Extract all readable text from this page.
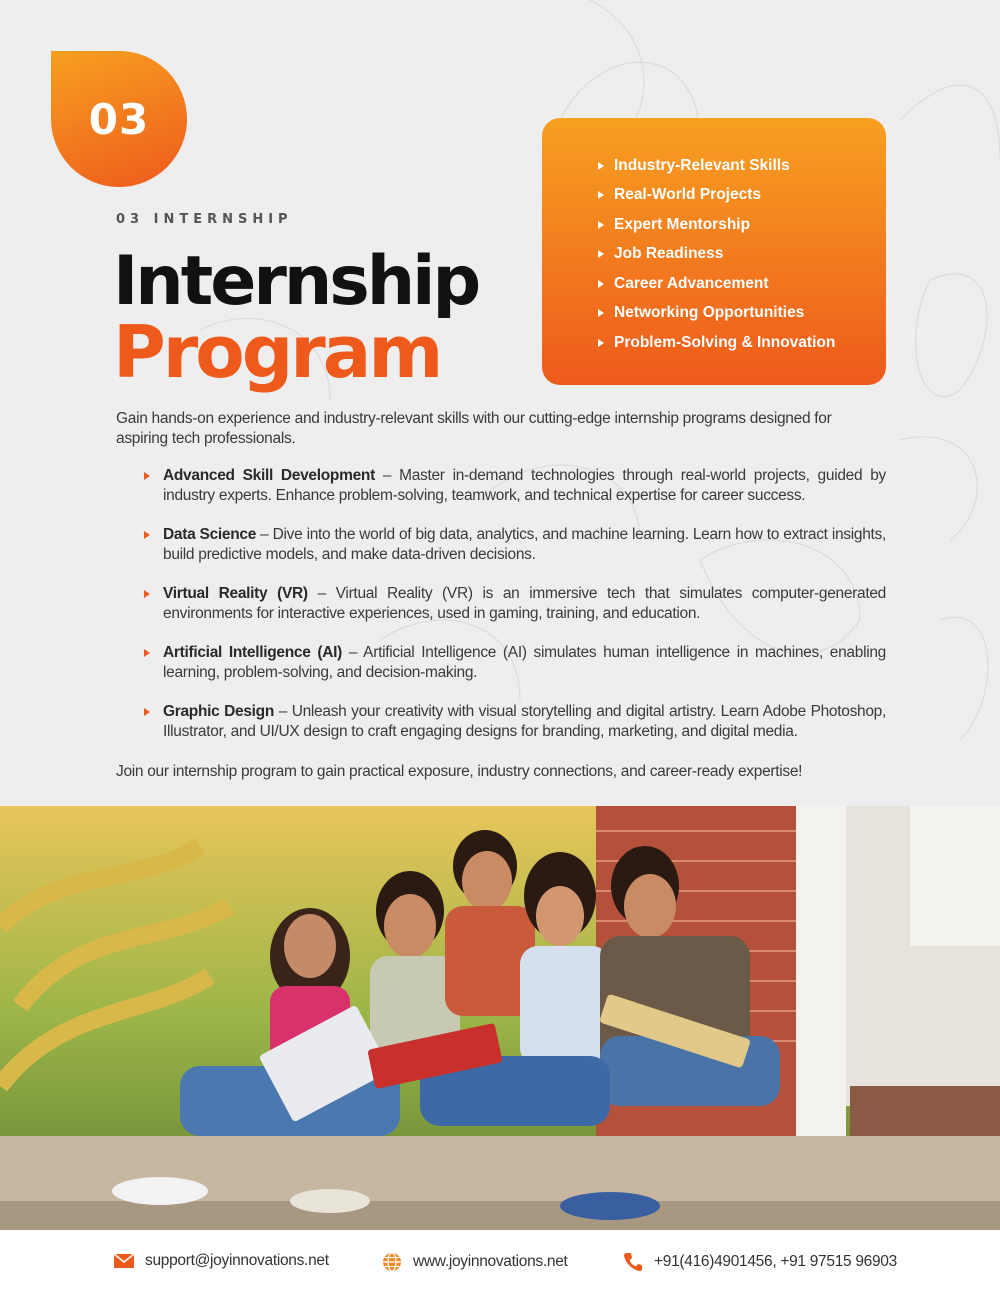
03
03 INTERNSHIP
Internship
Program
Industry-Relevant Skills
Real-World Projects
Expert Mentorship
Job Readiness
Career Advancement
Networking Opportunities
Problem-Solving & Innovation

Gain hands-on experience and industry-relevant skills with our cutting-edge internship programs designed for aspiring tech professionals.

Advanced Skill Development – Master in-demand technologies through real-world projects, guided by industry experts. Enhance problem-solving, teamwork, and technical expertise for career success.
Data Science – Dive into the world of big data, analytics, and machine learning. Learn how to extract insights, build predictive models, and make data-driven decisions.
Virtual Reality (VR) – Virtual Reality (VR) is an immersive tech that simulates computer-generated environments for interactive experiences, used in gaming, training, and education.
Artificial Intelligence (AI) – Artificial Intelligence (AI) simulates human intelligence in machines, enabling learning, problem-solving, and decision-making.
Graphic Design – Unleash your creativity with visual storytelling and digital artistry. Learn Adobe Photoshop, Illustrator, and UI/UX design to craft engaging designs for branding, marketing, and digital media.

Join our internship program to gain practical exposure, industry connections, and career-ready expertise!

support@joyinnovations.net	www.joyinnovations.net	+91(416)4901456, +91 97515 96903
